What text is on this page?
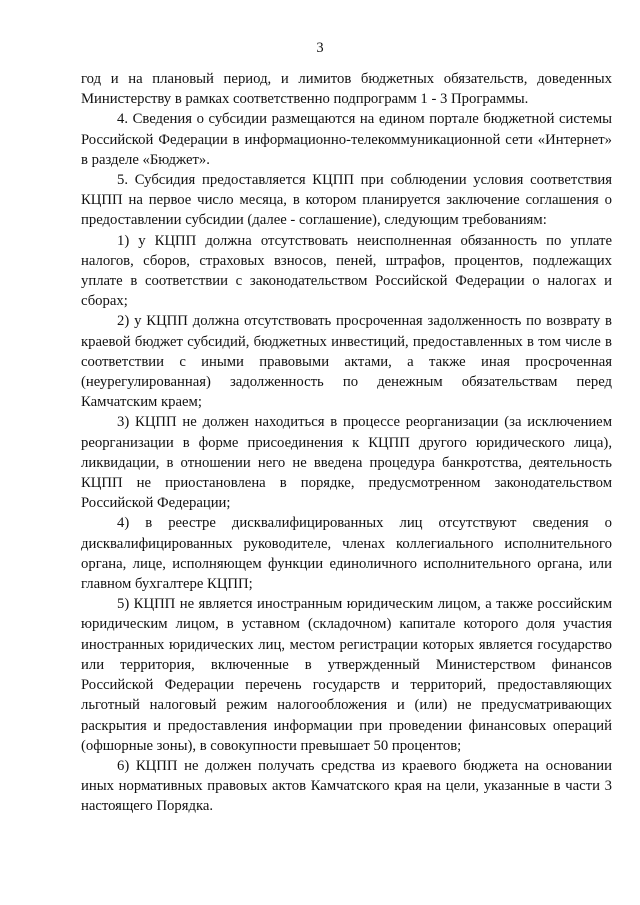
3

год и на плановый период, и лимитов бюджетных обязательств, доведенных Министерству в рамках соответственно подпрограмм 1 - 3 Программы.

4. Сведения о субсидии размещаются на едином портале бюджетной системы Российской Федерации в информационно-телекоммуникационной сети «Интернет» в разделе «Бюджет».

5. Субсидия предоставляется КЦПП при соблюдении условия соответствия КЦПП на первое число месяца, в котором планируется заключение соглашения о предоставлении субсидии (далее - соглашение), следующим требованиям:

1) у КЦПП должна отсутствовать неисполненная обязанность по уплате налогов, сборов, страховых взносов, пеней, штрафов, процентов, подлежащих уплате в соответствии с законодательством Российской Федерации о налогах и сборах;

2) у КЦПП должна отсутствовать просроченная задолженность по возврату в краевой бюджет субсидий, бюджетных инвестиций, предоставленных в том числе в соответствии с иными правовыми актами, а также иная просроченная (неурегулированная) задолженность по денежным обязательствам перед Камчатским краем;

3) КЦПП не должен находиться в процессе реорганизации (за исключением реорганизации в форме присоединения к КЦПП другого юридического лица), ликвидации, в отношении него не введена процедура банкротства, деятельность КЦПП не приостановлена в порядке, предусмотренном законодательством Российской Федерации;

4) в реестре дисквалифицированных лиц отсутствуют сведения о дисквалифицированных руководителе, членах коллегиального исполнительного органа, лице, исполняющем функции единоличного исполнительного органа, или главном бухгалтере КЦПП;

5) КЦПП не является иностранным юридическим лицом, а также российским юридическим лицом, в уставном (складочном) капитале которого доля участия иностранных юридических лиц, местом регистрации которых является государство или территория, включенные в утвержденный Министерством финансов Российской Федерации перечень государств и территорий, предоставляющих льготный налоговый режим налогообложения и (или) не предусматривающих раскрытия и предоставления информации при проведении финансовых операций (офшорные зоны), в совокупности превышает 50 процентов;

6) КЦПП не должен получать средства из краевого бюджета на основании иных нормативных правовых актов Камчатского края на цели, указанные в части 3 настоящего Порядка.
